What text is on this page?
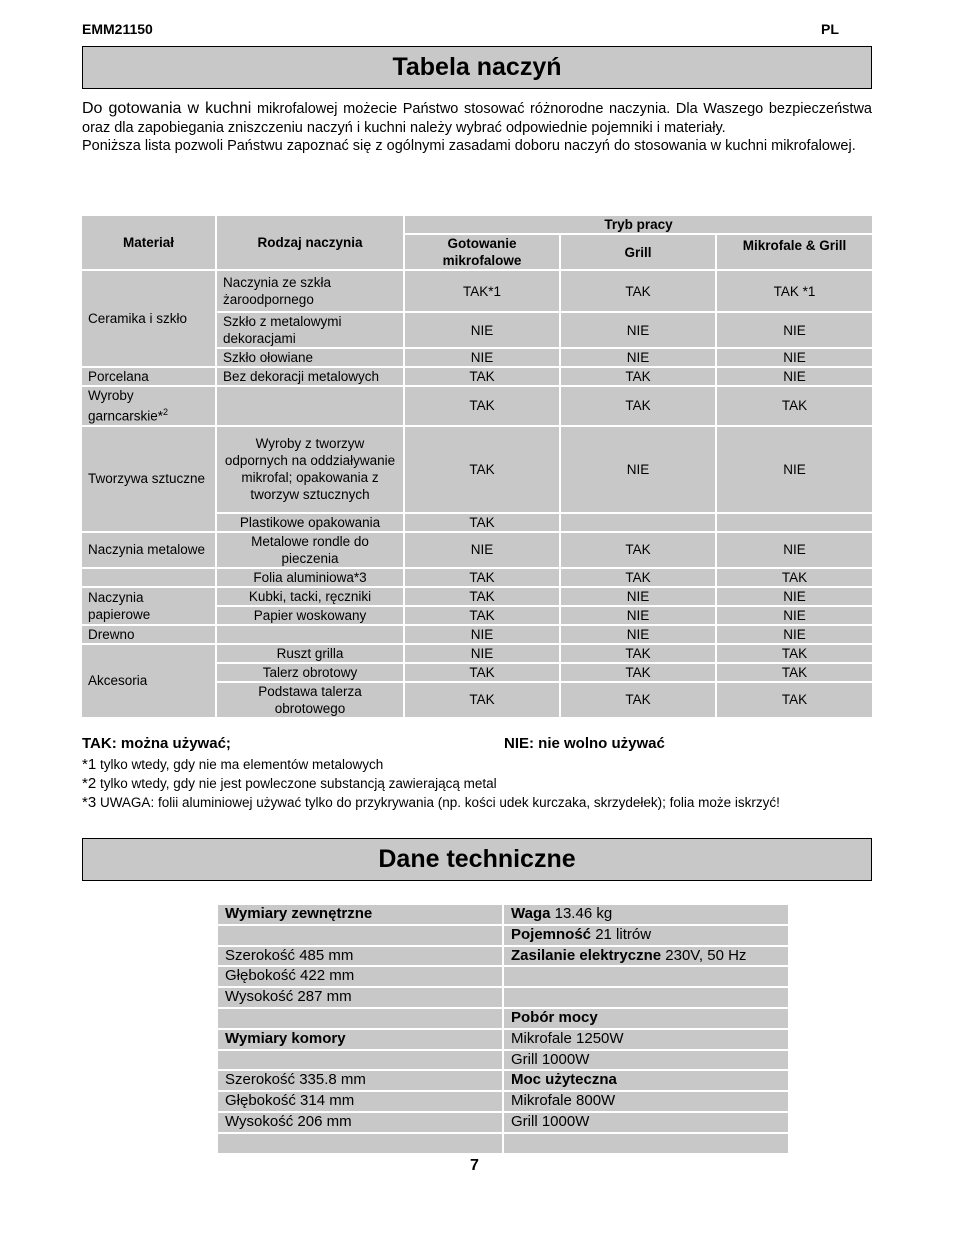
EMM21150	PL
Tabela naczyń

Do gotowania w kuchni mikrofalowej możecie Państwo stosować różnorodne naczynia. Dla Waszego bezpieczeństwa oraz dla zapobiegania zniszczeniu naczyń i kuchni należy wybrać odpowiednie pojemniki i materiały.

Poniższa lista pozwoli Państwu zapoznać się z ogólnymi zasadami doboru naczyń do stosowania w kuchni mikrofalowej.

Materiał	Rodzaj naczynia	Tryb pracy		
		Gotowanie mikrofalowe	Grill	Mikrofale & Grill
Ceramika i szkło	Naczynia ze szkła żaroodpornego	TAK*1	TAK	TAK *1
	Szkło z metalowymi dekoracjami	NIE	NIE	NIE
	Szkło ołowiane	NIE	NIE	NIE
Porcelana	Bez dekoracji metalowych	TAK	TAK	NIE
Wyroby garncarskie*$^2$		TAK	TAK	TAK
Tworzywa sztuczne	Wyroby z tworzyw odpornych na oddziaływanie mikrofal; opakowania z tworzyw sztucznych	TAK	NIE	NIE
	Plastikowe opakowania	TAK		
Naczynia metalowe	Metalowe rondle do pieczenia	NIE	TAK	NIE
	Folia aluminiowa*3	TAK	TAK	TAK
Naczynia papierowe	Kubki, tacki, ręczniki	TAK	NIE	NIE
	Papier woskowany	TAK	NIE	NIE
Drewno		NIE	NIE	NIE
Akcesoria	Ruszt grilla	NIE	TAK	TAK
	Talerz obrotowy	TAK	TAK	TAK
	Podstawa talerza obrotowego	TAK	TAK	TAK
TAK: można używać;	NIE: nie wolno używać
*1 tylko wtedy, gdy nie ma elementów metalowych
*2 tylko wtedy, gdy nie jest powleczone substancją zawierającą metal
*3 UWAGA: folii aluminiowej używać tylko do przykrywania (np. kości udek kurczaka, skrzydełek); folia może iskrzyć!
Dane techniczne
Wymiary zewnętrzne	Waga 13.46 kg
	Pojemność 21 litrów
Szerokość 485 mm	Zasilanie elektryczne 230V, 50 Hz
Głębokość 422 mm	
Wysokość 287 mm	
	Pobór mocy
Wymiary komory	Mikrofale 1250W
	Grill 1000W
Szerokość 335.8 mm	Moc użyteczna
Głębokość 314 mm	Mikrofale 800W
Wysokość 206 mm	Grill 1000W

7
